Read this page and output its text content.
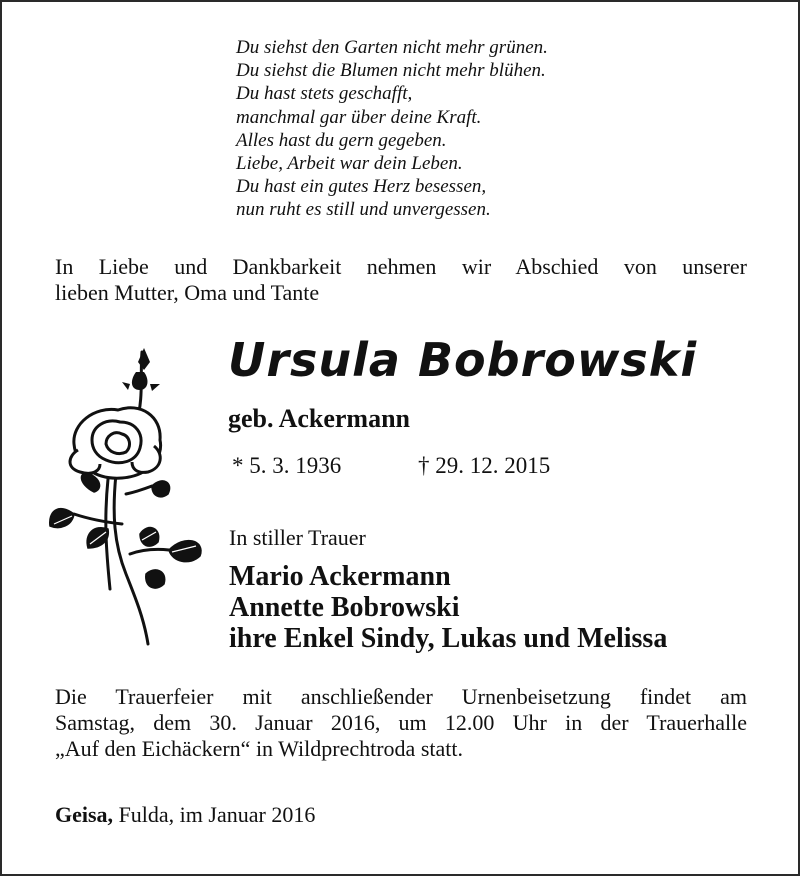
Du siehst den Garten nicht mehr grünen.
Du siehst die Blumen nicht mehr blühen.
Du hast stets geschafft,
manchmal gar über deine Kraft.
Alles hast du gern gegeben.
Liebe, Arbeit war dein Leben.
Du hast ein gutes Herz besessen,
nun ruht es still und unvergessen.
In Liebe und Dankbarkeit nehmen wir Abschied von unserer
lieben Mutter, Oma und Tante
Ursula Bobrowski
geb. Ackermann
* 5. 3. 1936	† 29. 12. 2015
In stiller Trauer
Mario Ackermann
Annette Bobrowski
ihre Enkel Sindy, Lukas und Melissa
Die Trauerfeier mit anschließender Urnenbeisetzung findet am
Samstag, dem 30. Januar 2016, um 12.00 Uhr in der Trauerhalle
„Auf den Eichäckern“ in Wildprechtroda statt.
Geisa, Fulda, im Januar 2016
